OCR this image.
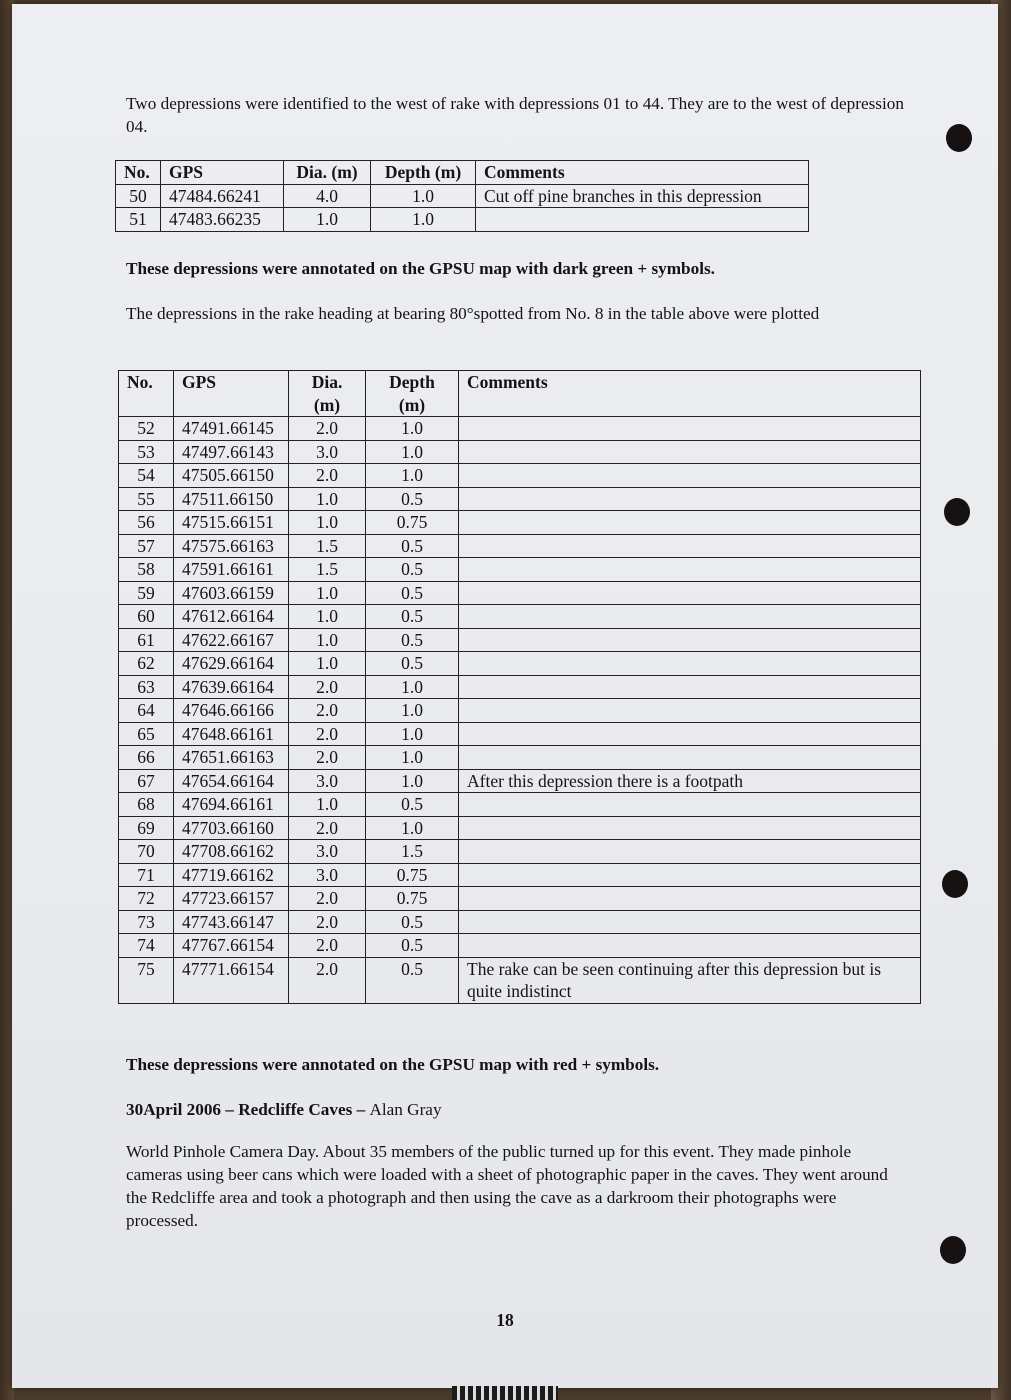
Two depressions were identified to the west of rake with depressions 01 to 44. They are to the west of depression 04.

No.	GPS	Dia. (m)	Depth (m)	Comments
50	47484.66241	4.0	1.0	Cut off pine branches in this depression
51	47483.66235	1.0	1.0	

These depressions were annotated on the GPSU map with dark green + symbols.

The depressions in the rake heading at bearing 80°spotted from No. 8 in the table above were plotted

No.	GPS	Dia. (m)	Depth (m)	Comments
52	47491.66145	2.0	1.0	
53	47497.66143	3.0	1.0	
54	47505.66150	2.0	1.0	
55	47511.66150	1.0	0.5	
56	47515.66151	1.0	0.75	
57	47575.66163	1.5	0.5	
58	47591.66161	1.5	0.5	
59	47603.66159	1.0	0.5	
60	47612.66164	1.0	0.5	
61	47622.66167	1.0	0.5	
62	47629.66164	1.0	0.5	
63	47639.66164	2.0	1.0	
64	47646.66166	2.0	1.0	
65	47648.66161	2.0	1.0	
66	47651.66163	2.0	1.0	
67	47654.66164	3.0	1.0	After this depression there is a footpath
68	47694.66161	1.0	0.5	
69	47703.66160	2.0	1.0	
70	47708.66162	3.0	1.5	
71	47719.66162	3.0	0.75	
72	47723.66157	2.0	0.75	
73	47743.66147	2.0	0.5	
74	47767.66154	2.0	0.5	
75	47771.66154	2.0	0.5	The rake can be seen continuing after this depression but is quite indistinct

These depressions were annotated on the GPSU map with red + symbols.

30April 2006 – Redcliffe Caves – Alan Gray

World Pinhole Camera Day. About 35 members of the public turned up for this event. They made pinhole cameras using beer cans which were loaded with a sheet of photographic paper in the caves. They went around the Redcliffe area and took a photograph and then using the cave as a darkroom their photographs were processed.

18
